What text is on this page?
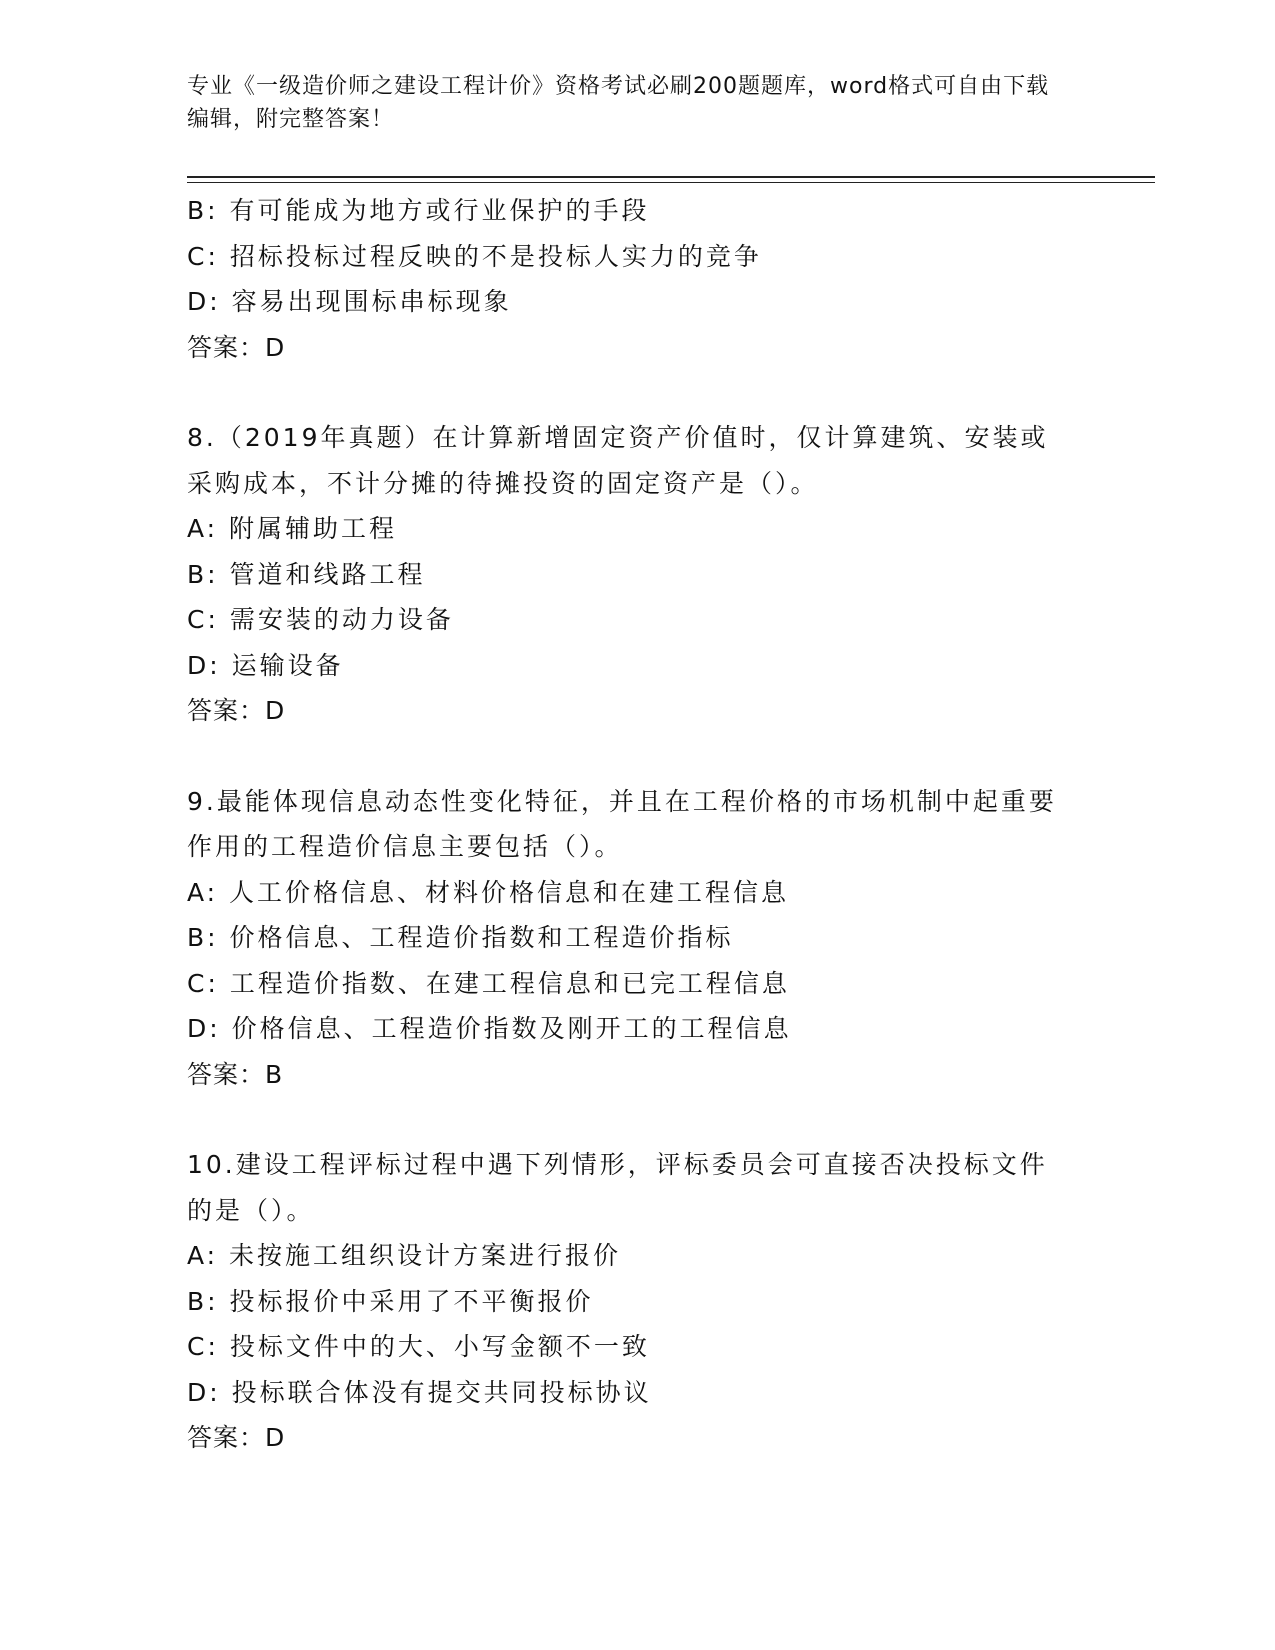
专业《一级造价师之建设工程计价》资格考试必刷200题题库，word格式可自由下载编辑，附完整答案！
B: 有可能成为地方或行业保护的手段
C: 招标投标过程反映的不是投标人实力的竞争
D: 容易出现围标串标现象
答案：D
8.（2019年真题）在计算新增固定资产价值时，仅计算建筑、安装或采购成本，不计分摊的待摊投资的固定资产是（）。
A: 附属辅助工程
B: 管道和线路工程
C: 需安装的动力设备
D: 运输设备
答案：D
9.最能体现信息动态性变化特征，并且在工程价格的市场机制中起重要作用的工程造价信息主要包括（）。
A: 人工价格信息、材料价格信息和在建工程信息
B: 价格信息、工程造价指数和工程造价指标
C: 工程造价指数、在建工程信息和已完工程信息
D: 价格信息、工程造价指数及刚开工的工程信息
答案：B
10.建设工程评标过程中遇下列情形，评标委员会可直接否决投标文件的是（）。
A: 未按施工组织设计方案进行报价
B: 投标报价中采用了不平衡报价
C: 投标文件中的大、小写金额不一致
D: 投标联合体没有提交共同投标协议
答案：D
